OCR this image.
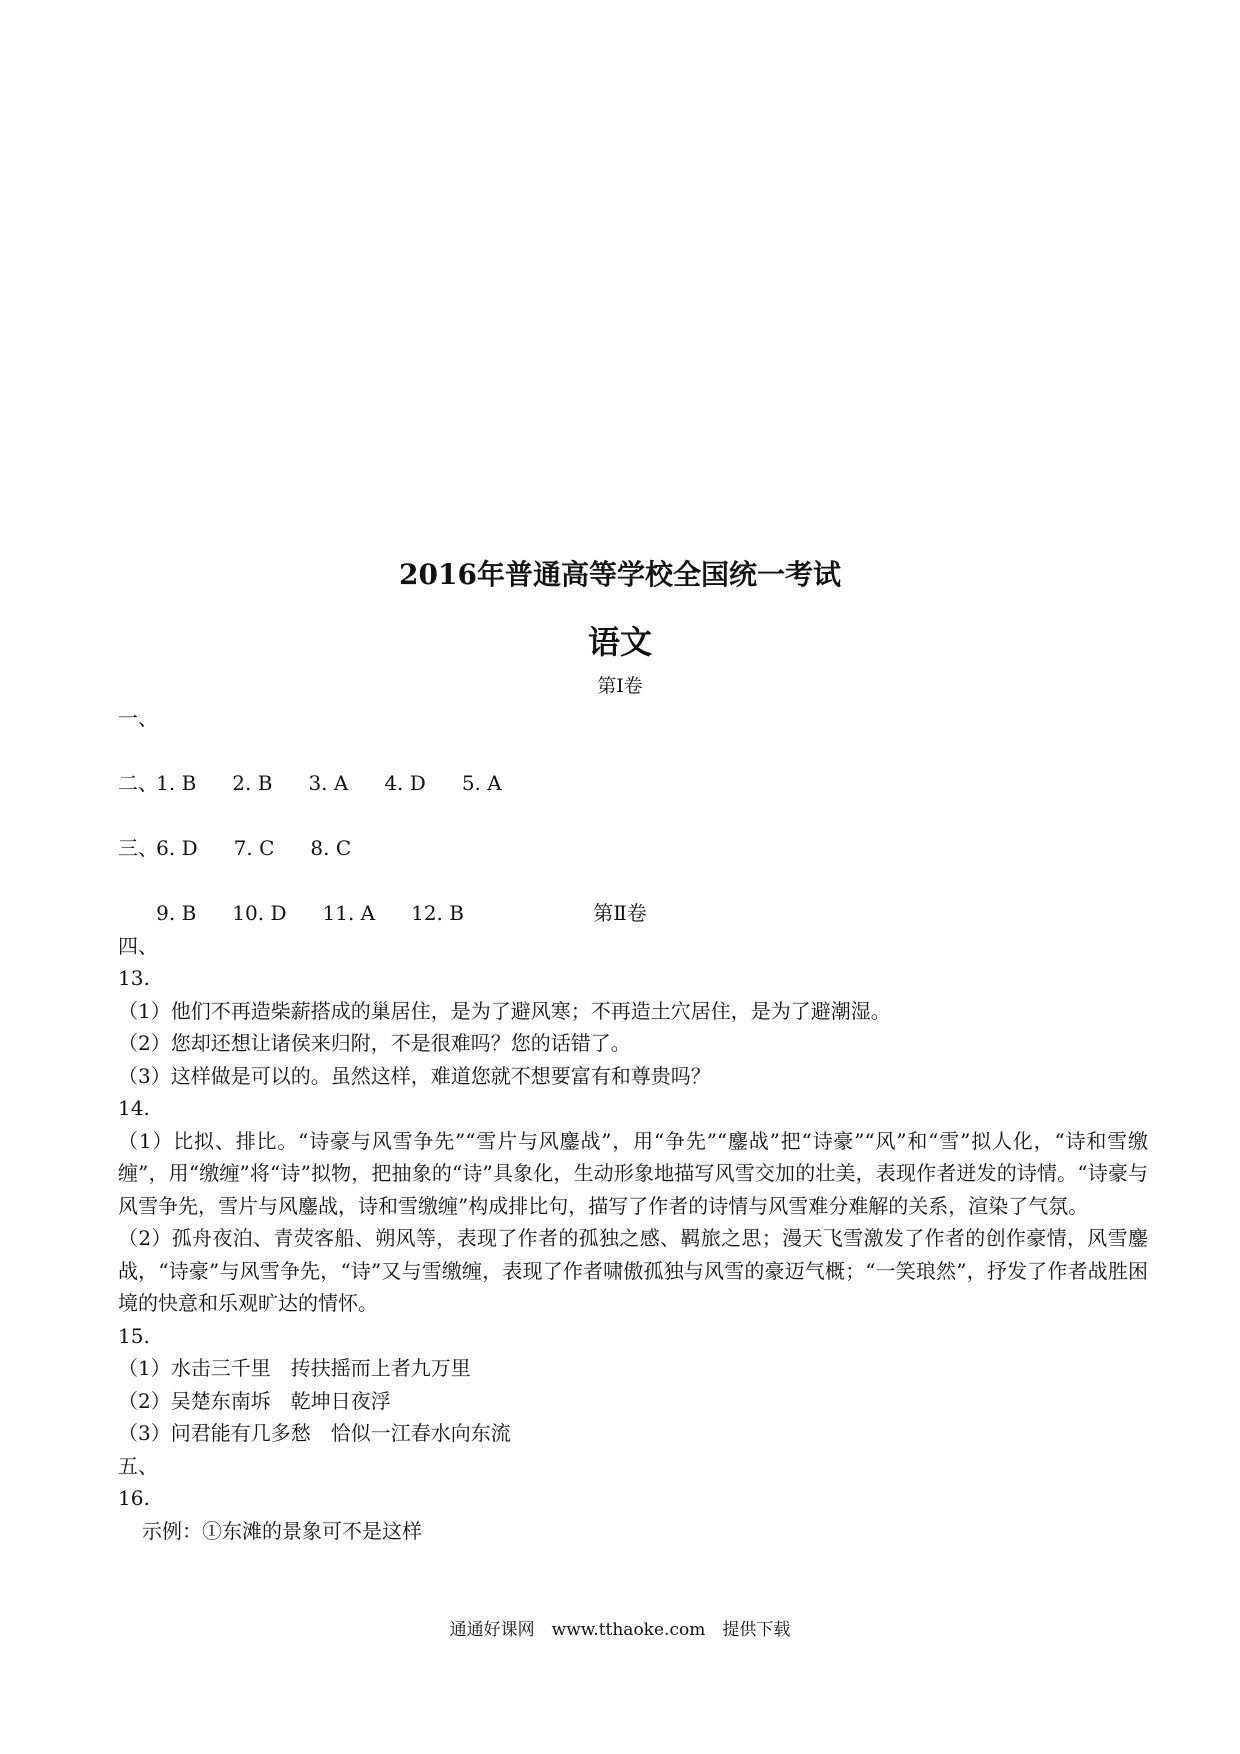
2016年普通高等学校全国统一考试
语文
第Ⅰ卷
一、

1. B 2. B 3. A 4. D 5. A

二、

6. D 7. C 8. C

三、

9. B 10. D 11. A 12. B
	第Ⅱ卷
四、
13.
（1）他们不再造柴薪搭成的巢居住，是为了避风寒；不再造土穴居住，是为了避潮湿。
（2）您却还想让诸侯来归附，不是很难吗？您的话错了。
（3）这样做是可以的。虽然这样，难道您就不想要富有和尊贵吗？
14.
（1）比拟、排比。“诗豪与风雪争先”“雪片与风鏖战”，用“争先”“鏖战”把“诗豪”“风”和“雪”拟人化，“诗和雪缴缠”，用“缴缠”将“诗”拟物，把抽象的“诗”具象化，生动形象地描写风雪交加的壮美，表现作者迸发的诗情。“诗豪与风雪争先，雪片与风鏖战，诗和雪缴缠”构成排比句，描写了作者的诗情与风雪难分难解的关系，渲染了气氛。
（2）孤舟夜泊、青荧客船、朔风等，表现了作者的孤独之感、羁旅之思；漫天飞雪激发了作者的创作豪情，风雪鏖战，“诗豪”与风雪争先，“诗”又与雪缴缠，表现了作者啸傲孤独与风雪的豪迈气概；“一笑琅然”，抒发了作者战胜困境的快意和乐观旷达的情怀。
15.
（1）水击三千里　抟扶摇而上者九万里
（2）吴楚东南坼　乾坤日夜浮
（3）问君能有几多愁　恰似一江春水向东流
五、
16.
示例：①东滩的景象可不是这样
通通好课网　www.tthaoke.com　提供下载
